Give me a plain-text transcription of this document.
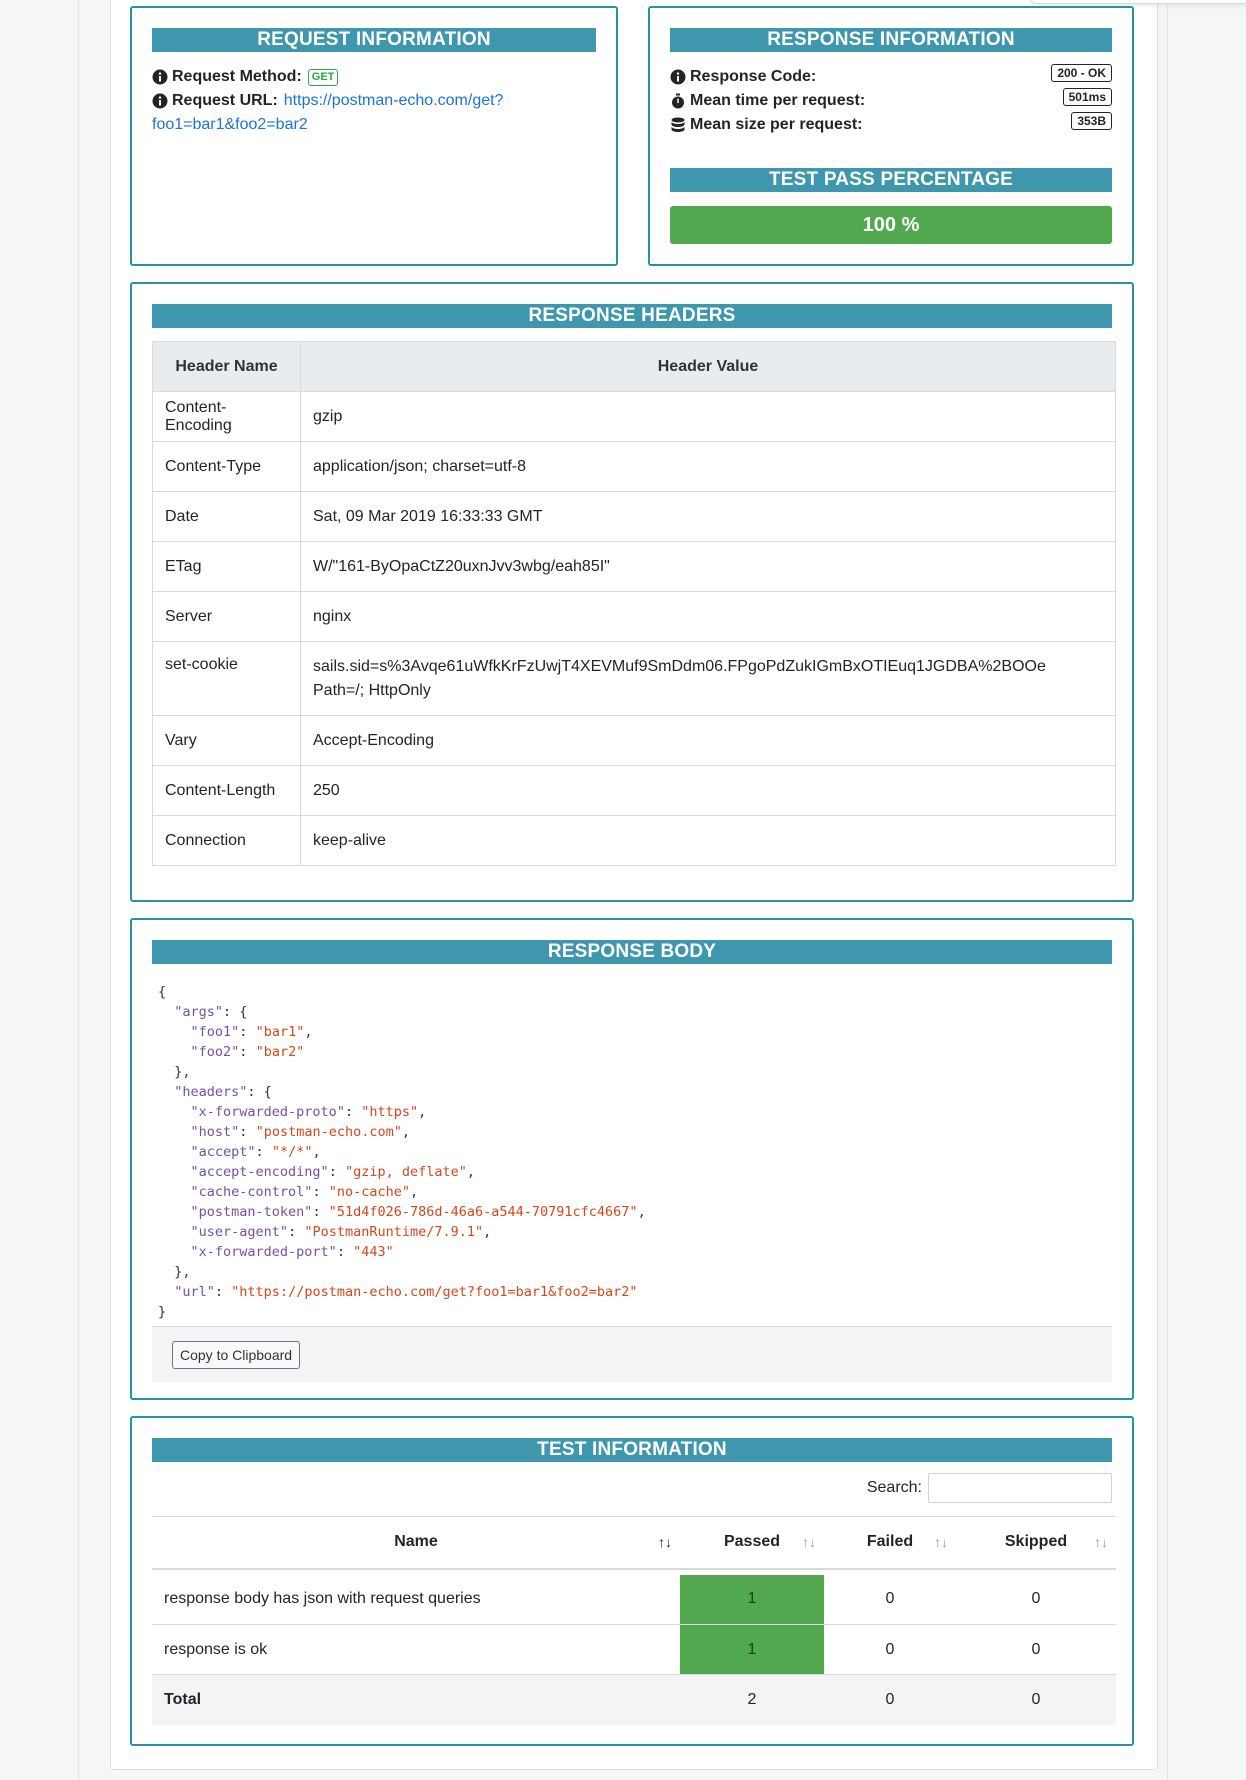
REQUEST INFORMATION
Request Method: GET
Request URL: https://postman-echo.com/get?
foo1=bar1&foo2=bar2
RESPONSE INFORMATION
Response Code:	200 - OK
Mean time per request:	501ms
Mean size per request:	353B
TEST PASS PERCENTAGE
100 %
RESPONSE HEADERS
Header Name	Header Value
Content-Encoding	gzip
Content-Type	application/json; charset=utf-8
Date	Sat, 09 Mar 2019 16:33:33 GMT
ETag	W/"161-ByOpaCtZ20uxnJvv3wbg/eah85I"
Server	nginx
set-cookie	sails.sid=s%3Avqe61uWfkKrFzUwjT4XEVMuf9SmDdm06.FPgoPdZukIGmBxOTIEuq1JGDBA%2BOOe
Path=/; HttpOnly

Vary	Accept-Encoding
Content-Length	250
Connection	keep-alive
RESPONSE BODY
{
"args": {
"foo1": "bar1",
"foo2": "bar2"
},
"headers": {
"x-forwarded-proto": "https",
"host": "postman-echo.com",
"accept": "*/*",
"accept-encoding": "gzip, deflate",
"cache-control": "no-cache",
"postman-token": "51d4f026-786d-46a6-a544-70791cfc4667",
"user-agent": "PostmanRuntime/7.9.1",
"x-forwarded-port": "443"
},
"url": "https://postman-echo.com/get?foo1=bar1&foo2=bar2"
}
Copy to Clipboard
TEST INFORMATION
Search:
Name ↑↓	Passed ↑↓	Failed ↑↓	Skipped ↑↓

response body has json with request queries	1	0	0
response is ok	1	0	0
Total	2	0	0
